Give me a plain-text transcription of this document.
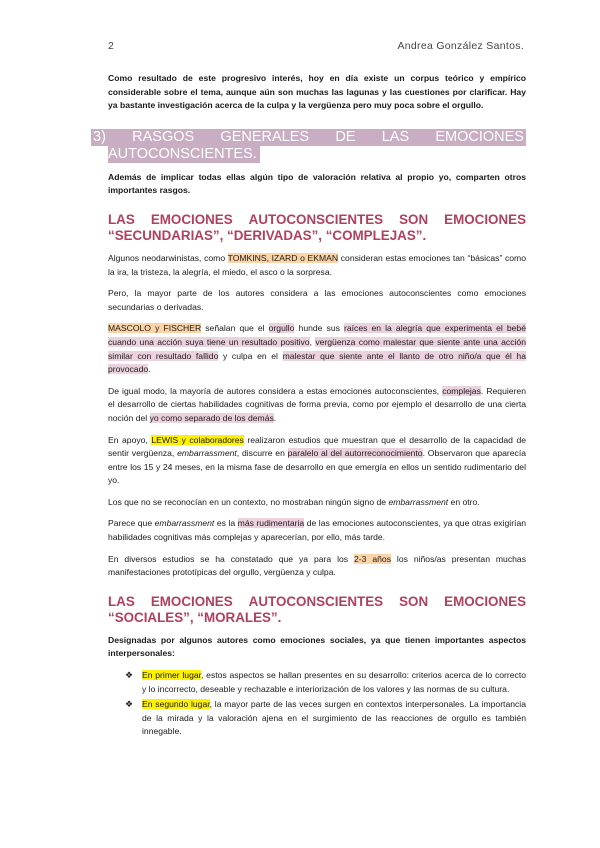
2	Andrea González Santos.

Como resultado de este progresivo interés, hoy en día existe un corpus teórico y empírico considerable sobre el tema, aunque aún son muchas las lagunas y las cuestiones por clarificar. Hay ya bastante investigación acerca de la culpa y la vergüenza pero muy poca sobre el orgullo.

3) RASGOS GENERALES DE LAS EMOCIONES
AUTOCONSCIENTES.

Además de implicar todas ellas algún tipo de valoración relativa al propio yo, comparten otros importantes rasgos.

LAS EMOCIONES AUTOCONSCIENTES SON EMOCIONES
“SECUNDARIAS”, “DERIVADAS”, “COMPLEJAS”.

Algunos neodarwinistas, como TOMKINS, IZARD o EKMAN consideran estas emociones tan “básicas” como la ira, la tristeza, la alegría, el miedo, el asco o la sorpresa.

Pero, la mayor parte de los autores considera a las emociones autoconscientes como emociones secundarias o derivadas.

MASCOLO y FISCHER señalan que el orgullo hunde sus raíces en la alegría que experimenta el bebé cuando una acción suya tiene un resultado positivo, vergüenza como malestar que siente ante una acción similar con resultado fallido y culpa en el malestar que siente ante el llanto de otro niño/a que él ha provocado.

De igual modo, la mayoría de autores considera a estas emociones autoconscientes, complejas. Requieren el desarrollo de ciertas habilidades cognitivas de forma previa, como por ejemplo el desarrollo de una cierta noción del yo como separado de los demás.

En apoyo, LEWIS y colaboradores realizaron estudios que muestran que el desarrollo de la capacidad de sentir vergüenza, embarrassment, discurre en paralelo al del autorreconocimiento. Observaron que aparecía entre los 15 y 24 meses, en la misma fase de desarrollo en que emergía en ellos un sentido rudimentario del yo.

Los que no se reconocían en un contexto, no mostraban ningún signo de embarrassment en otro.

Parece que embarrassment es la más rudimentaria de las emociones autoconscientes, ya que otras exigirían habilidades cognitivas más complejas y aparecerían, por ello, más tarde.

En diversos estudios se ha constatado que ya para los 2-3 años los niños/as presentan muchas manifestaciones prototípicas del orgullo, vergüenza y culpa.

LAS EMOCIONES AUTOCONSCIENTES SON EMOCIONES
“SOCIALES”, “MORALES”.

Designadas por algunos autores como emociones sociales, ya que tienen importantes aspectos interpersonales:

❖ En primer lugar, estos aspectos se hallan presentes en su desarrollo: criterios acerca de lo correcto y lo incorrecto, deseable y rechazable e interiorización de los valores y las normas de su cultura.
❖ En segundo lugar, la mayor parte de las veces surgen en contextos interpersonales. La importancia de la mirada y la valoración ajena en el surgimiento de las reacciones de orgullo es también innegable.
